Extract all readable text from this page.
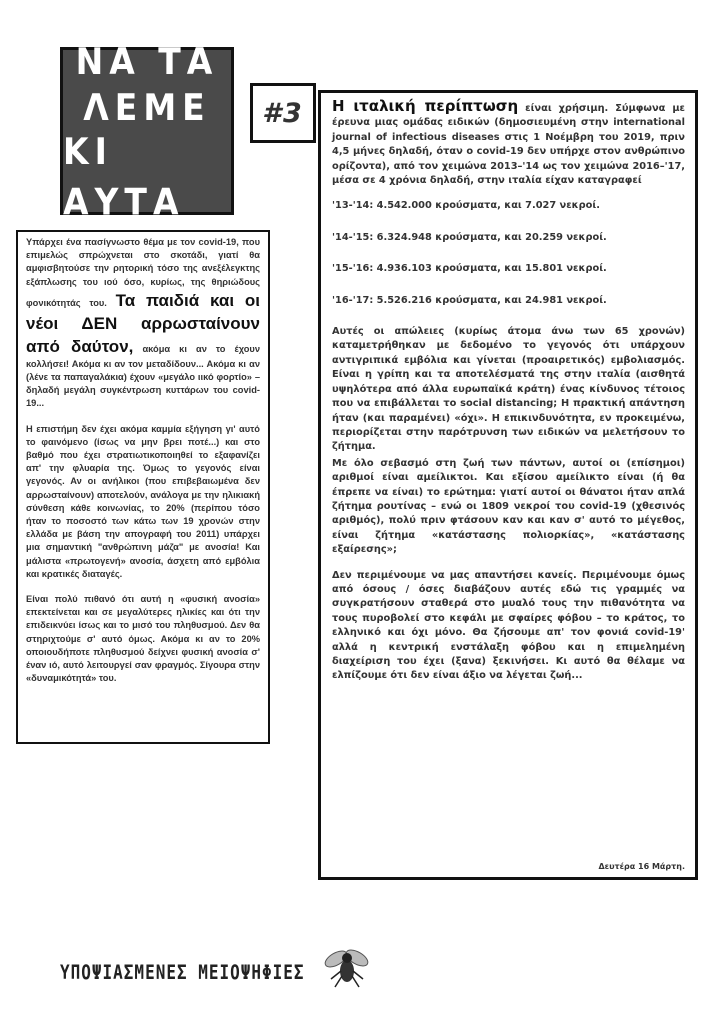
ΝΑ ΤΑ
ΛΕΜΕ
ΚΙ ΑΥΤΑ
#3

Υπάρχει ένα πασίγνωστο θέμα με τον covid-19, που επιμελώς σπρώχνεται στο σκοτάδι, γιατί θα αμφισβητούσε την ρητορική τόσο της ανεξέλεγκτης εξάπλωσης του ιού όσο, κυρίως, της θηριώδους φονικότητάς του. Τα παιδιά και οι νέοι ΔΕΝ αρρωσταίνουν από δαύτον, ακόμα κι αν το έχουν κολλήσει! Ακόμα κι αν τον μεταδίδουν... Ακόμα κι αν (λένε τα παπαγαλάκια) έχουν «μεγάλο ιικό φορτίο» – δηλαδή μεγάλη συγκέντρωση κυττάρων του covid-19...

Η επιστήμη δεν έχει ακόμα καμμία εξήγηση γι' αυτό το φαινόμενο (ίσως να μην βρει ποτέ...) και στο βαθμό που έχει στρατιωτικοποιηθεί το εξαφανίζει απ' την φλυαρία της. Όμως το γεγονός είναι γεγονός. Αν οι ανήλικοι (που επιβεβαιωμένα δεν αρρωσταίνουν) αποτελούν, ανάλογα με την ηλικιακή σύνθεση κάθε κοινωνίας, το 20% (περίπου τόσο ήταν το ποσοστό των κάτω των 19 χρονών στην ελλάδα με βάση την απογραφή του 2011) υπάρχει μια σημαντική "ανθρώπινη μάζα" με ανοσία! Και μάλιστα «πρωτογενή» ανοσία, άσχετη από εμβόλια και κρατικές διαταγές.

Είναι πολύ πιθανό ότι αυτή η «φυσική ανοσία» επεκτείνεται και σε μεγαλύτερες ηλικίες και ότι την επιδεικνύει ίσως και το μισό του πληθυσμού. Δεν θα στηριχτούμε σ' αυτό όμως. Ακόμα κι αν το 20% οποιουδήποτε πληθυσμού δείχνει φυσική ανοσία σ' έναν ιό, αυτό λειτουργεί σαν φραγμός. Σίγουρα στην «δυναμικότητά» του.

Η ιταλική περίπτωση είναι χρήσιμη. Σύμφωνα με έρευνα μιας ομάδας ειδικών (δημοσιευμένη στην international journal of infectious diseases στις 1 Νοέμβρη του 2019, πριν 4,5 μήνες δηλαδή, όταν ο covid-19 δεν υπήρχε στον ανθρώπινο ορίζοντα), από τον χειμώνα 2013–'14 ως τον χειμώνα 2016–'17, μέσα σε 4 χρόνια δηλαδή, στην ιταλία είχαν καταγραφεί

'13-'14: 4.542.000 κρούσματα, και 7.027 νεκροί.

'14-'15: 6.324.948 κρούσματα, και 20.259 νεκροί.

'15-'16: 4.936.103 κρούσματα, και 15.801 νεκροί.

'16-'17: 5.526.216 κρούσματα, και 24.981 νεκροί.

Αυτές οι απώλειες (κυρίως άτομα άνω των 65 χρονών) καταμετρήθηκαν με δεδομένο το γεγονός ότι υπάρχουν αντιγριπικά εμβόλια και γίνεται (προαιρετικός) εμβολιασμός. Είναι η γρίπη και τα αποτελέσματά της στην ιταλία (αισθητά υψηλότερα από άλλα ευρωπαϊκά κράτη) ένας κίνδυνος τέτοιος που να επιβάλλεται το social distancing; Η πρακτική απάντηση ήταν (και παραμένει) «όχι». Η επικινδυνότητα, εν προκειμένω, περιορίζεται στην παρότρυνση των ειδικών να μελετήσουν το ζήτημα.

Με όλο σεβασμό στη ζωή των πάντων, αυτοί οι (επίσημοι) αριθμοί είναι αμείλικτοι. Και εξίσου αμείλικτο είναι (ή θα έπρεπε να είναι) το ερώτημα: γιατί αυτοί οι θάνατοι ήταν απλά ζήτημα ρουτίνας – ενώ οι 1809 νεκροί του covid-19 (χθεσινός αριθμός), πολύ πριν φτάσουν καν και καν σ' αυτό το μέγεθος, είναι ζήτημα «κατάστασης πολιορκίας», «κατάστασης εξαίρεσης»;

Δεν περιμένουμε να μας απαντήσει κανείς. Περιμένουμε όμως από όσους / όσες διαβάζουν αυτές εδώ τις γραμμές να συγκρατήσουν σταθερά στο μυαλό τους την πιθανότητα να τους πυροβολεί στο κεφάλι με σφαίρες φόβου – το κράτος, το ελληνικό και όχι μόνο. Θα ζήσουμε απ' τον φονιά covid-19' αλλά η κεντρική ενστάλαξη φόβου και η επιμελημένη διαχείριση του έχει (ξανα) ξεκινήσει. Κι αυτό θα θέλαμε να ελπίζουμε ότι δεν είναι άξιο να λέγεται ζωή...

Δευτέρα 16 Μάρτη.
ΥΠΟΨΙΑΣΜΕΝΕΣ ΜΕΙΟΨΗΦΙΕΣ
